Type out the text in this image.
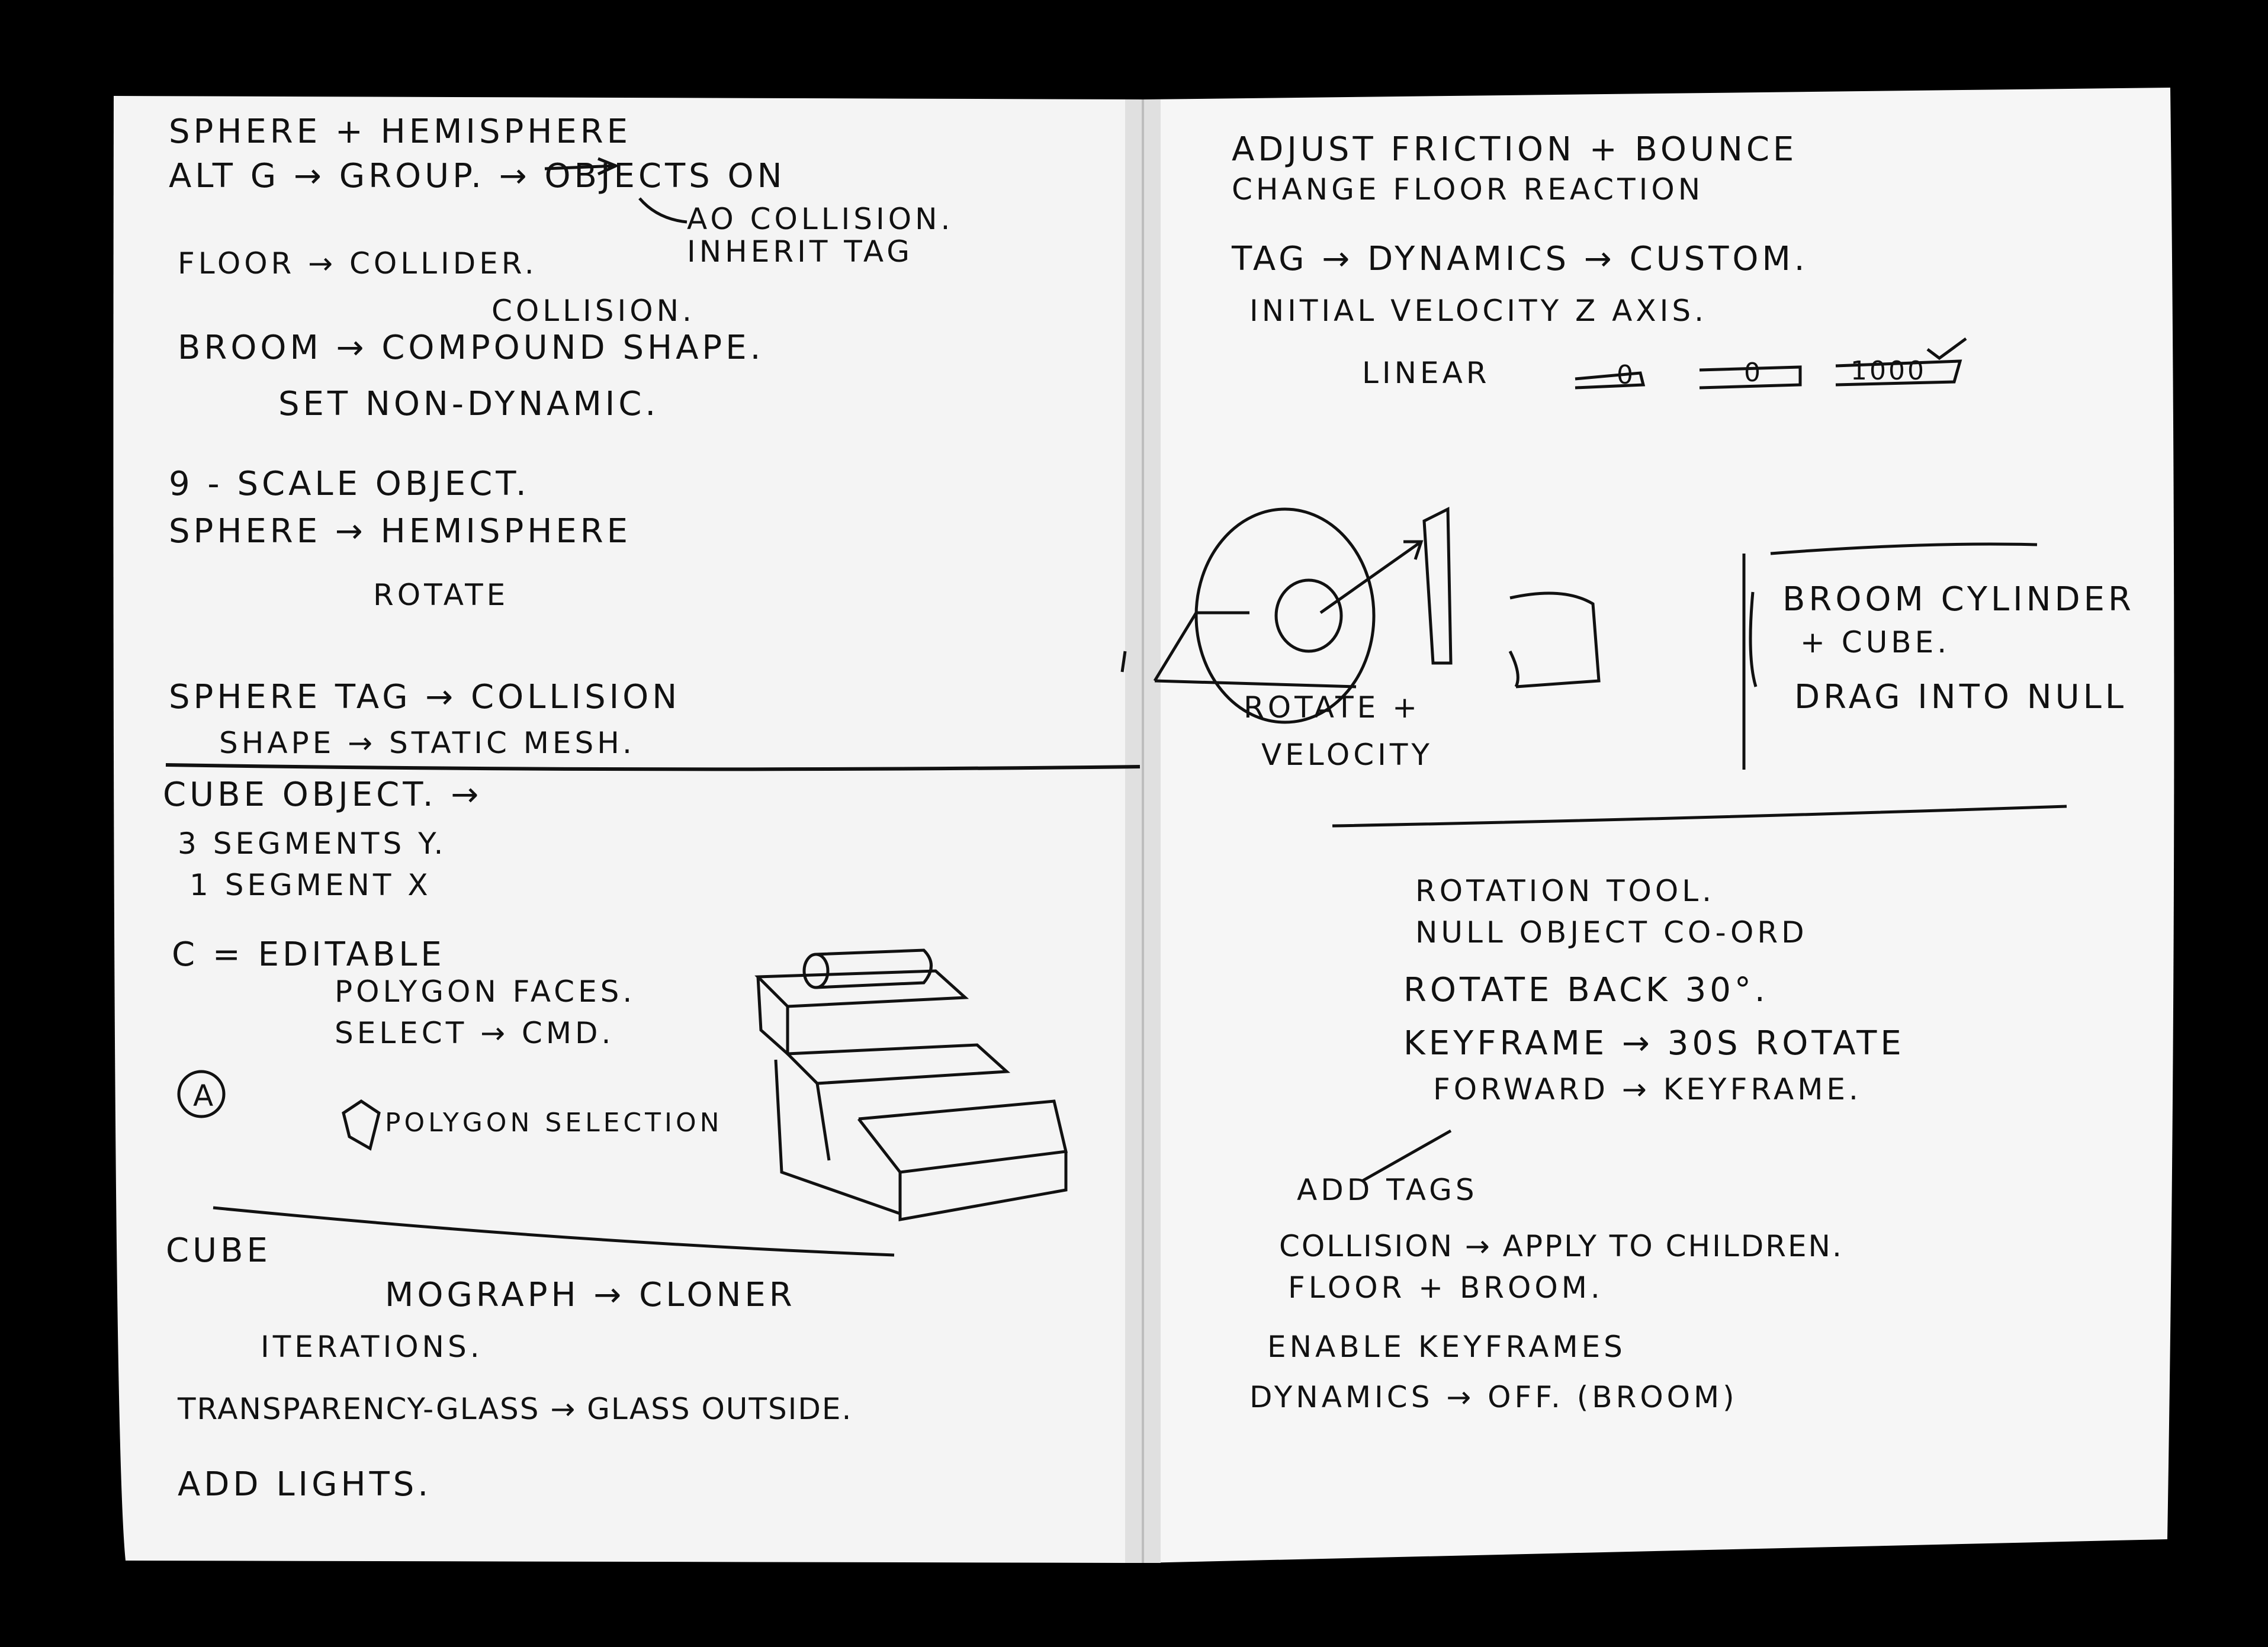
SPHERE + HEMISPHERE
ALT G → GROUP. → OBJECTS ON
AO COLLISION.
INHERIT TAG
FLOOR → COLLIDER.
COLLISION.
BROOM → COMPOUND SHAPE.
SET NON-DYNAMIC.
9 - SCALE OBJECT.
SPHERE → HEMISPHERE
ROTATE
SPHERE TAG → COLLISION
SHAPE → STATIC MESH.
CUBE OBJECT. →
3 SEGMENTS Y.
1 SEGMENT X
C = EDITABLE
POLYGON FACES.
SELECT → CMD.
A
POLYGON SELECTION
CUBE
MOGRAPH → CLONER
ITERATIONS.
TRANSPARENCY-GLASS → GLASS OUTSIDE.
ADD LIGHTS.
ADJUST FRICTION + BOUNCE
CHANGE FLOOR REACTION
TAG → DYNAMICS → CUSTOM.
INITIAL VELOCITY Z AXIS.
LINEAR	0	0	1000
ROTATE +
VELOCITY
BROOM CYLINDER
+ CUBE.
DRAG INTO NULL
ROTATION TOOL.
NULL OBJECT CO-ORD
ROTATE BACK 30°.
KEYFRAME → 30S ROTATE
FORWARD → KEYFRAME.
ADD TAGS
COLLISION → APPLY TO CHILDREN.
FLOOR + BROOM.
ENABLE KEYFRAMES
DYNAMICS → OFF. (BROOM)
